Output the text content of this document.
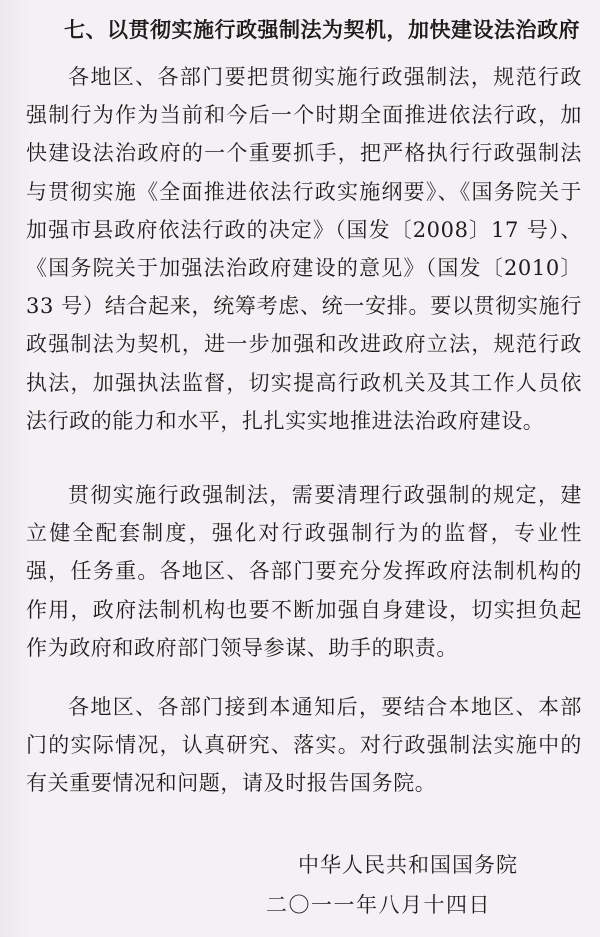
七、以贯彻实施行政强制法为契机，加快建设法治政府

各地区、各部门要把贯彻实施行政强制法，规范行政强制行为作为当前和今后一个时期全面推进依法行政，加快建设法治政府的一个重要抓手，把严格执行行政强制法与贯彻实施《全面推进依法行政实施纲要》、《国务院关于加强市县政府依法行政的决定》（国发〔2008〕17 号）、《国务院关于加强法治政府建设的意见》（国发〔2010〕33 号）结合起来，统筹考虑、统一安排。要以贯彻实施行政强制法为契机，进一步加强和改进政府立法，规范行政执法，加强执法监督，切实提高行政机关及其工作人员依法行政的能力和水平，扎扎实实地推进法治政府建设。

贯彻实施行政强制法，需要清理行政强制的规定，建立健全配套制度，强化对行政强制行为的监督，专业性强，任务重。各地区、各部门要充分发挥政府法制机构的作用，政府法制机构也要不断加强自身建设，切实担负起作为政府和政府部门领导参谋、助手的职责。

各地区、各部门接到本通知后，要结合本地区、本部门的实际情况，认真研究、落实。对行政强制法实施中的有关重要情况和问题，请及时报告国务院。

中华人民共和国国务院

二〇一一年八月十四日
